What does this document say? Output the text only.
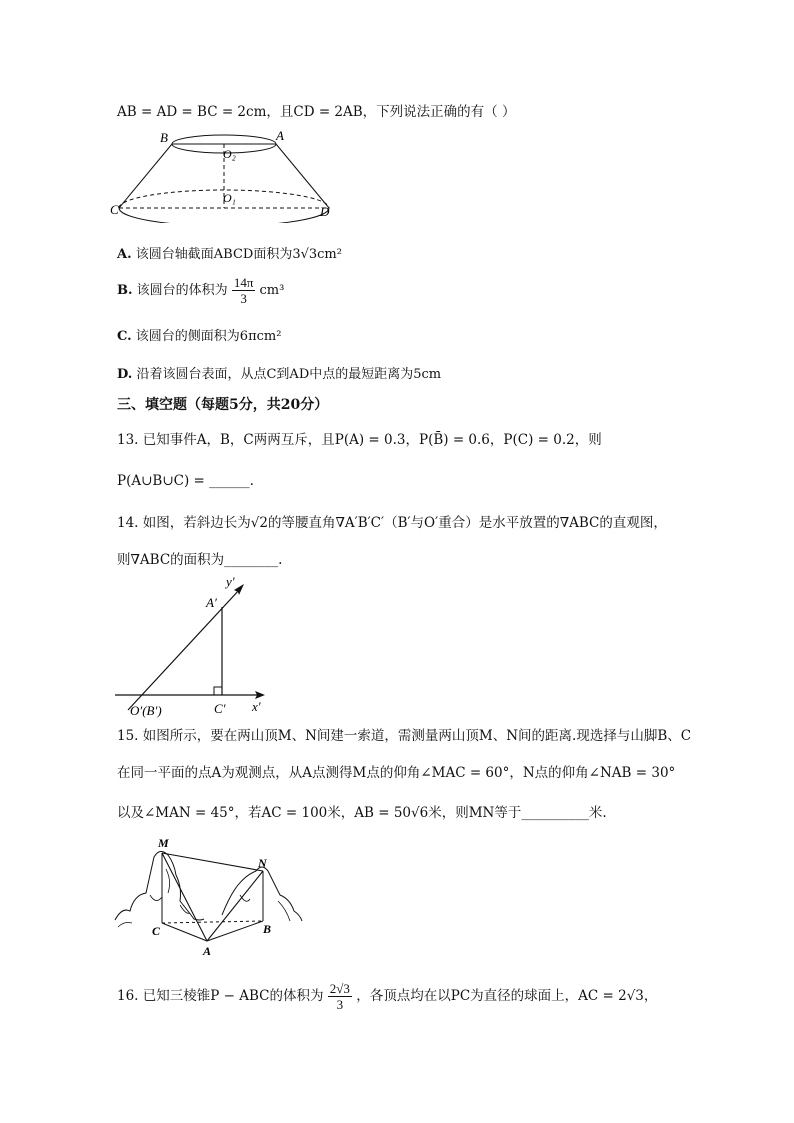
AB = AD = BC = 2cm，且CD = 2AB，下列说法正确的有（ ）
B
O₂
A
C
O₁
D
A. 该圆台轴截面ABCD面积为3√3cm²
B. 该圆台的体积为 $\frac{14\pi}{3} cm^3$
C. 该圆台的侧面积为6πcm²
D. 沿着该圆台表面，从点C到AD中点的最短距离为5cm
三、填空题（每题5分，共20分）
13. 已知事件A，B，C两两互斥，且P(A) = 0.3，P(B̄) = 0.6，P(C) = 0.2，则
P(A∪B∪C) = ______.
14. 如图，若斜边长为√2的等腰直角∇A′B′C′（B′与O′重合）是水平放置的∇ABC的直观图，
则∇ABC的面积为________.
y′
A′
O′(B′)	C′ x′
15. 如图所示，要在两山顶M、N间建一索道，需测量两山顶M、N间的距离.现选择与山脚B、C
在同一平面的点A为观测点，从A点测得M点的仰角∠MAC = 60°，N点的仰角∠NAB = 30°
以及∠MAN = 45°，若AC = 100米，AB = 50√6米，则MN等于__________米.
M
N
C
A
B
16. 已知三棱锥P − ABC的体积为 $\frac{2√3}{3}$ ，各顶点均在以PC为直径的球面上，AC = 2√3，
